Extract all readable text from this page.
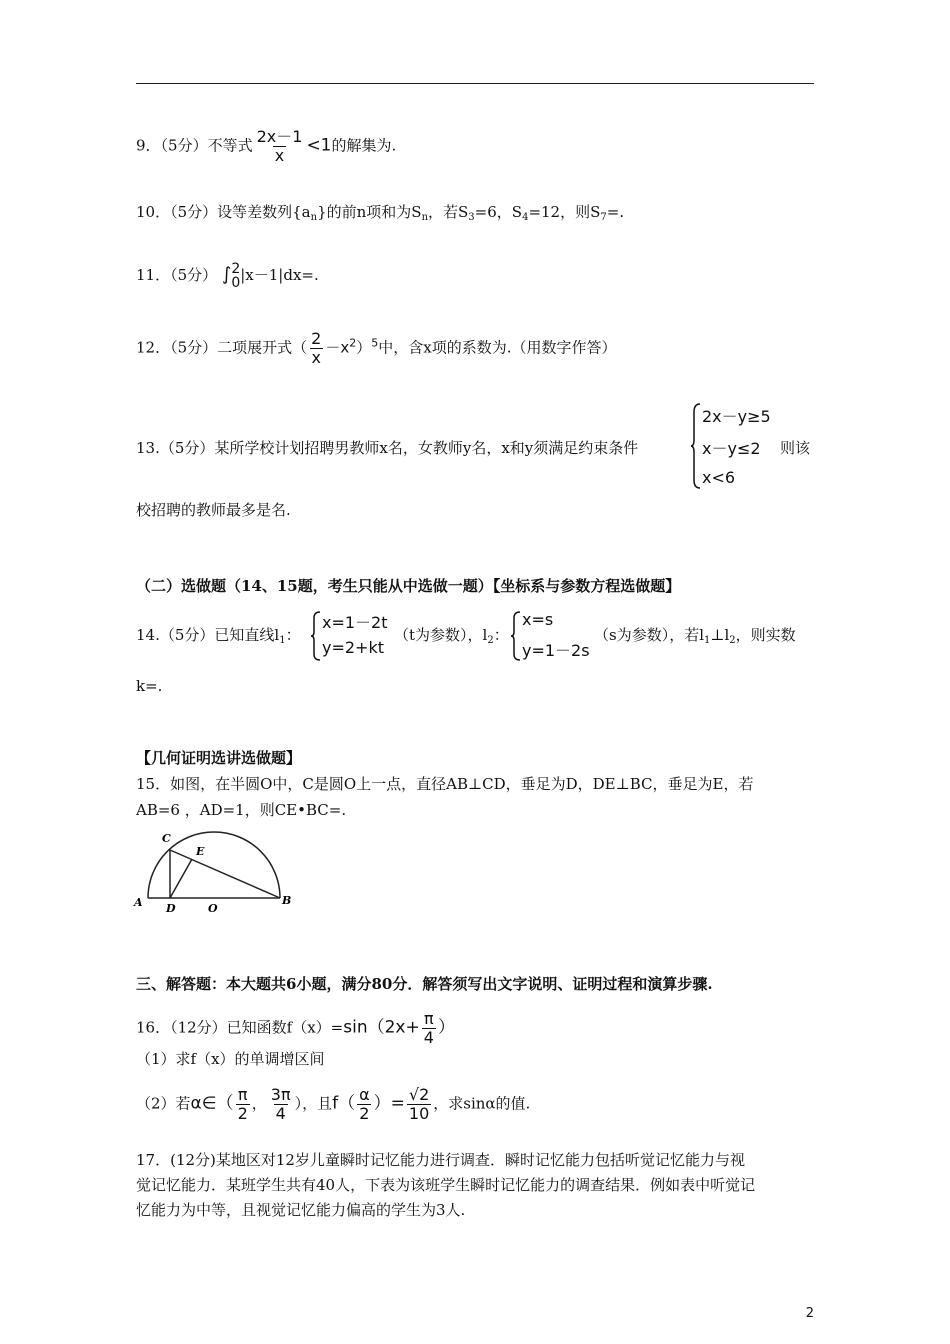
9．（5分）不等式 $\frac{2x-1}{x} <1$的解集为.
10．（5分）设等差数列$\{a_n\}$的前n项和为$S_n$，若$S_3=6$，$S_4=12$，则$S_7=$.
11．（5分） ∫ 2
0 |x－1|dx=.
12．（5分）二项展开式（ $\frac{2}{x} -x^2)^5$中，含x项的系数为.（用数字作答）
13.（5分）某所学校计划招聘男教师x名，女教师y名，x和y须满足约束条件
2x－y≥5
x－y≤2
x<6
则该
校招聘的教师最多是名.
（二）选做题（14、15题，考生只能从中选做一题）【坐标系与参数方程选做题】
14.（5分）已知直线$l_1$：
x=1－2t
y=2+kt
（t为参数），$l_2$：
x=s
y=1－2s
（s为参数），若$l_1\perp l_2$，则实数
k=.
【几何证明选讲选做题】
15．如图，在半圆O中，C是圆O上一点，直径AB⊥CD，垂足为D，DE⊥BC，垂足为E，若
AB=6 ，AD=1，则CE•BC=.
A	B
C
D
E
O
三、解答题：本大题共6小题，满分80分．解答须写出文字说明、证明过程和演算步骤.
16．（12分）已知函数$f(x)=\sin(2x+ \frac{\pi}{4}$ ）
（1）求f（x）的单调增区间
（2）若α∈（ $\frac{\pi}{2}$ ， $\frac{3\pi}{4}$ ），且$f( \frac{\alpha}{2}$ ）= $\frac{√2}{10}$ ，求sinα的值.
17．(12分)某地区对12岁儿童瞬时记忆能力进行调查．瞬时记忆能力包括听觉记忆能力与视
觉记忆能力．某班学生共有40人，下表为该班学生瞬时记忆能力的调查结果．例如表中听觉记
忆能力为中等，且视觉记忆能力偏高的学生为3人.
2
